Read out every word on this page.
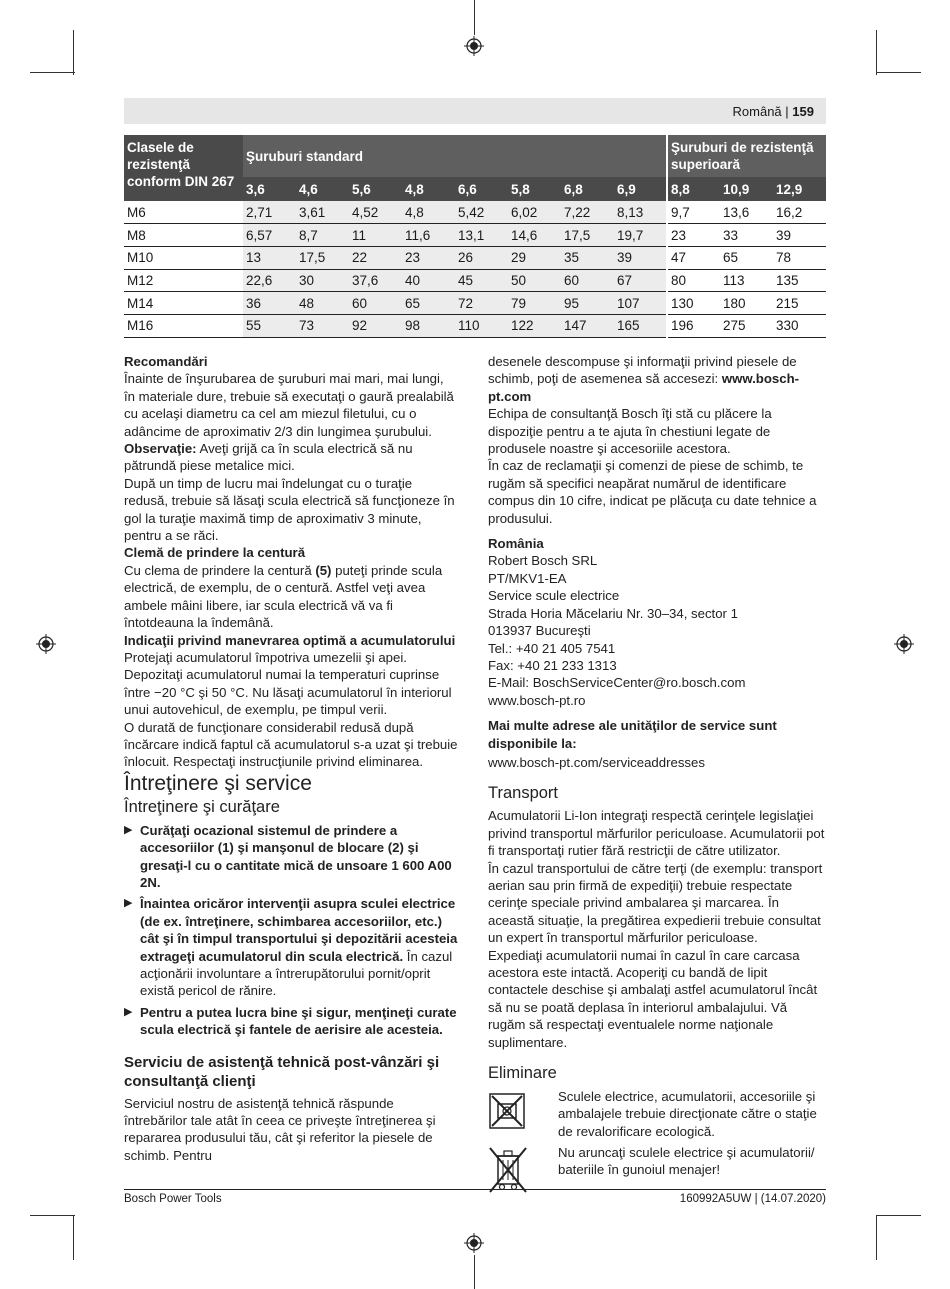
Română | 159
Clasele de rezistenţă conform DIN 267	Şuruburi standard								Şuruburi de rezistenţă superioară		
	3,6	4,6	5,6	4,8	6,6	5,8	6,8	6,9	8,8	10,9	12,9
M6	2,71	3,61	4,52	4,8	5,42	6,02	7,22	8,13	9,7	13,6	16,2
M8	6,57	8,7	11	11,6	13,1	14,6	17,5	19,7	23	33	39
M10	13	17,5	22	23	26	29	35	39	47	65	78
M12	22,6	30	37,6	40	45	50	60	67	80	113	135
M14	36	48	60	65	72	79	95	107	130	180	215
M16	55	73	92	98	110	122	147	165	196	275	330

Recomandări

Înainte de înşurubarea de şuruburi mai mari, mai lungi, în materiale dure, trebuie să executaţi o gaură prealabilă cu acelaşi diametru ca cel am miezul filetului, cu o adâncime de aproximativ 2/3 din lungimea şurubului.

Observaţie: Aveţi grijă ca în scula electrică să nu pătrundă piese metalice mici.

După un timp de lucru mai îndelungat cu o turaţie redusă, trebuie să lăsaţi scula electrică să funcţioneze în gol la turaţie maximă timp de aproximativ 3 minute, pentru a se răci.

Clemă de prindere la centură

Cu clema de prindere la centură (5) puteţi prinde scula electrică, de exemplu, de o centură. Astfel veţi avea ambele mâini libere, iar scula electrică vă va fi întotdeauna la îndemână.

Indicaţii privind manevrarea optimă a acumulatorului

Protejaţi acumulatorul împotriva umezelii şi apei.

Depozitaţi acumulatorul numai la temperaturi cuprinse între −20 °C şi 50 °C. Nu lăsaţi acumulatorul în interiorul unui autovehicul, de exemplu, pe timpul verii.

O durată de funcţionare considerabil redusă după încărcare indică faptul că acumulatorul s-a uzat şi trebuie înlocuit. Respectaţi instrucţiunile privind eliminarea.

Întreţinere şi service

Întreţinere şi curăţare

▶ Curăţaţi ocazional sistemul de prindere a accesoriilor (1) şi manşonul de blocare (2) şi gresaţi-l cu o cantitate mică de unsoare 1 600 A00 2N.
▶ Înaintea oricăror intervenţii asupra sculei electrice (de ex. întreţinere, schimbarea accesoriilor, etc.) cât şi în timpul transportului şi depozitării acesteia extrageţi acumulatorul din scula electrică. În cazul acţionării involuntare a întrerupătorului pornit/oprit există pericol de rănire.
▶ Pentru a putea lucra bine şi sigur, menţineţi curate scula electrică şi fantele de aerisire ale acesteia.

Serviciu de asistenţă tehnică post-vânzări şi consultanţă clienţi

Serviciul nostru de asistenţă tehnică răspunde întrebărilor tale atât în ceea ce priveşte întreţinerea şi repararea produsului tău, cât şi referitor la piesele de schimb. Pentru

desenele descompuse şi informaţii privind piesele de schimb, poţi de asemenea să accesezi: www.bosch-pt.com

Echipa de consultanţă Bosch îţi stă cu plăcere la dispoziţie pentru a te ajuta în chestiuni legate de produsele noastre şi accesoriile acestora.

În caz de reclamaţii şi comenzi de piese de schimb, te rugăm să specifici neapărat numărul de identificare compus din 10 cifre, indicat pe plăcuţa cu date tehnice a produsului.

România

Robert Bosch SRL

PT/MKV1-EA

Service scule electrice

Strada Horia Măcelariu Nr. 30–34, sector 1

013937 Bucureşti

Tel.: +40 21 405 7541

Fax: +40 21 233 1313

E-Mail: BoschServiceCenter@ro.bosch.com

www.bosch-pt.ro

Mai multe adrese ale unităţilor de service sunt disponibile la:

www.bosch-pt.com/serviceaddresses

Transport

Acumulatorii Li-Ion integraţi respectă cerinţele legislaţiei privind transportul mărfurilor periculoase. Acumulatorii pot fi transportaţi rutier fără restricţii de către utilizator.

În cazul transportului de către terţi (de exemplu: transport aerian sau prin firmă de expediţii) trebuie respectate cerinţe speciale privind ambalarea şi marcarea. În această situaţie, la pregătirea expedierii trebuie consultat un expert în transportul mărfurilor periculoase.

Expediaţi acumulatorii numai în cazul în care carcasa acestora este intactă. Acoperiţi cu bandă de lipit contactele deschise şi ambalaţi astfel acumulatorul încât să nu se poată deplasa în interiorul ambalajului. Vă rugăm să respectaţi eventualele norme naţionale suplimentare.

Eliminare

Sculele electrice, acumulatorii, accesoriile şi ambalajele trebuie direcţionate către o staţie de revalorificare ecologică.

Nu aruncaţi sculele electrice şi acumulatorii/ bateriile în gunoiul menajer!

Bosch Power Tools	160992A5UW | (14.07.2020)
